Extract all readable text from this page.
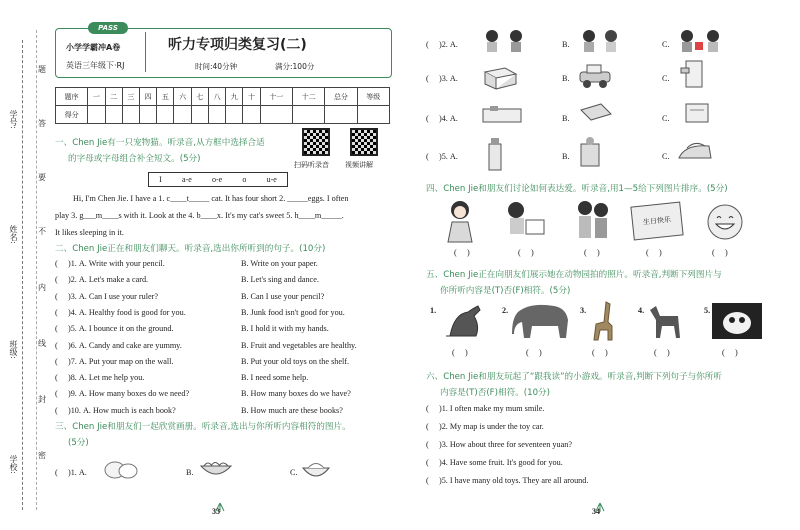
学号:
姓名:
班级:
学校:
题
答
要
不
内
线
封
密
PASS
小学学霸冲A卷
英语三年级下·RJ
听力专项归类复习(二)
时间:40分钟	满分:100分
题序	一	二	三	四	五	六	七	八	九	十	十一	十二	总分	等级
得分														
一、Chen Jie有一只宠物猫。听录音,从方框中选择合适
的字母或字母组合补全短文。(5分)
扫码听录音 视频讲解
I	a-e	o-e	o	u-e
Hi, I'm Chen Jie. I have a 1. c____t_____ cat. It has four short 2. _____eggs. I often
play 3. g___m____s with it. Look at the 4. b____x. It's my cat's sweet 5. h____m_____.
It likes sleeping in it.
二、Chen Jie正在和朋友们聊天。听录音,选出你所听到的句子。(10分)
(     )1. A. Write with your pencil.	B. Write on your paper.
(     )2. A. Let's make a card.	B. Let's sing and dance.
(     )3. A. Can I use your ruler?	B. Can I use your pencil?
(     )4. A. Healthy food is good for you.	B. Junk food isn't good for you.
(     )5. A. I bounce it on the ground.	B. I hold it with my hands.
(     )6. A. Candy and cake are yummy.	B. Fruit and vegetables are healthy.
(     )7. A. Put your map on the wall.	B. Put your old toys on the shelf.
(     )8. A. Let me help you.	B. I need some help.
(     )9. A. How many boxes do we need?	B. How many boxes do we have?
(     )10. A. How much is each book?	B. How much are these books?
三、Chen Jie和朋友们一起欣赏画册。听录音,选出与你所听内容相符的图片。
(5分)
(     )1. A.	B.	C.
33
(     )2. A.	B.	C.
(     )3. A.	B.	C.
(     )4. A.	B.	C.
(     )5. A.	B.	C.
四、Chen Jie和朋友们讨论如何表达爱。听录音,用1—5给下列图片排序。(5分)
生日快乐
(     )	(     )	(     )	(     )	(     )
五、Chen Jie正在向朋友们展示她在动物园拍的照片。听录音,判断下列图片与
你所听内容是(T)否(F)相符。(5分)
1.	2.	3.	4.	5.
(     )	(     )	(     )	(     )	(     )
六、Chen Jie和朋友玩起了“跟我读”的小游戏。听录音,判断下列句子与你所听
内容是(T)否(F)相符。(10分)
(     )1. I often make my mum smile.
(     )2. My map is under the toy car.
(     )3. How about three for seventeen yuan?
(     )4. Have some fruit. It's good for you.
(     )5. I have many old toys. They are all around.
34
